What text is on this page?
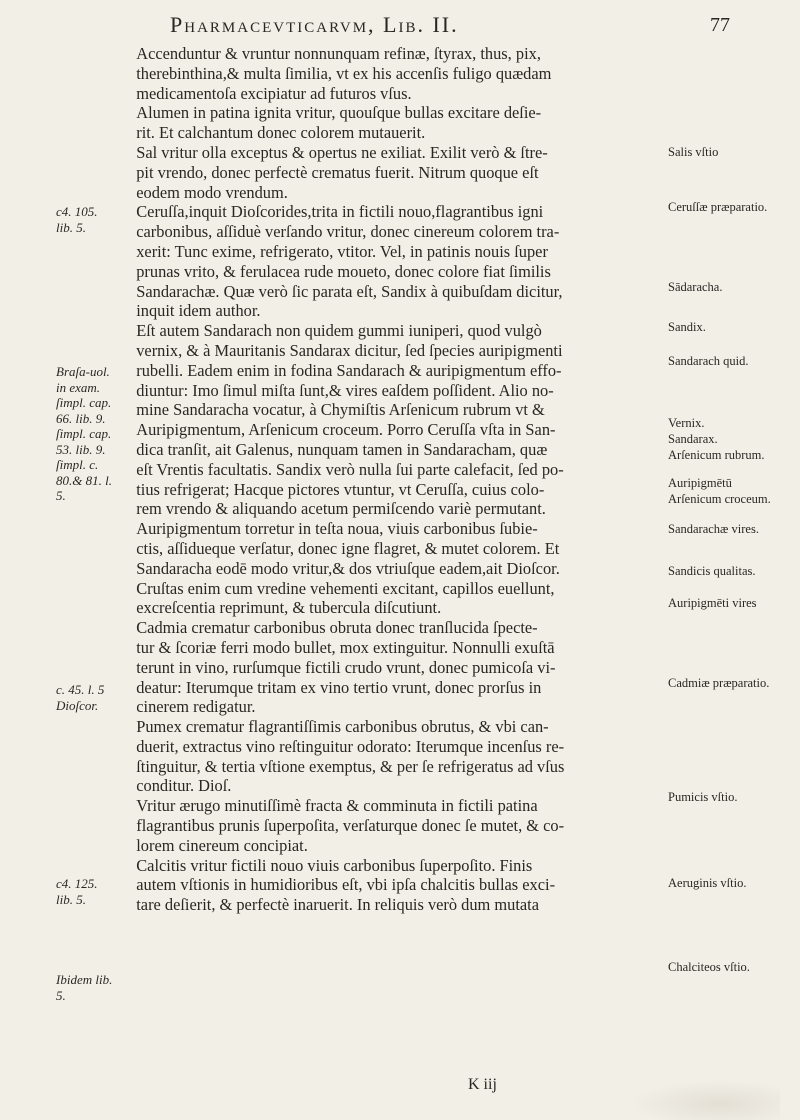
Pharmacevticarvm, Lib. II.	77

Accenduntur & vruntur nonnunquam refinæ, ſtyrax, thus, pix,
therebinthina,& multa ſimilia, vt ex his accenſis fuligo quædam
medicamentoſa excipiatur ad futuros vſus.

Alumen in patina ignita vritur, quouſque bullas excitare deſie-
rit. Et calchantum donec colorem mutauerit.

Sal vritur olla exceptus & opertus ne exiliat. Exilit verò & ſtre-
pit vrendo, donec perfectè crematus fuerit. Nitrum quoque eſt
eodem modo vrendum.

Ceruſſa,inquit Dioſcorides,trita in fictili nouo,flagrantibus igni
carbonibus, aſſiduè verſando vritur, donec cinereum colorem tra-
xerit: Tunc exime, refrigerato, vtitor. Vel, in patinis nouis ſuper
prunas vrito, & ferulacea rude moueto, donec colore fiat ſimilis
Sandarachæ. Quæ verò ſic parata eſt, Sandix à quibuſdam dicitur,
inquit idem author.

Eſt autem Sandarach non quidem gummi iuniperi, quod vulgò
vernix, & à Mauritanis Sandarax dicitur, ſed ſpecies auripigmenti
rubelli. Eadem enim in fodina Sandarach & auripigmentum effo-
diuntur: Imo ſimul miſta ſunt,& vires eaſdem poſſident. Alio no-
mine Sandaracha vocatur, à Chymiſtis Arſenicum rubrum vt &
Auripigmentum, Arſenicum croceum. Porro Ceruſſa vſta in San-
dica tranſit, ait Galenus, nunquam tamen in Sandaracham, quæ
eſt Vrentis facultatis. Sandix verò nulla ſui parte calefacit, ſed po-
tius refrigerat; Hacque pictores vtuntur, vt Ceruſſa, cuius colo-
rem vrendo & aliquando acetum permiſcendo variè permutant.

Auripigmentum torretur in teſta noua, viuis carbonibus ſubie-
ctis, aſſidueque verſatur, donec igne flagret, & mutet colorem. Et
Sandaracha eodē modo vritur,& dos vtriuſque eadem,ait Dioſcor.
Cruſtas enim cum vredine vehementi excitant, capillos euellunt,
excreſcentia reprimunt, & tubercula diſcutiunt.

Cadmia crematur carbonibus obruta donec tranſlucida ſpecte-
tur & ſcoriæ ferri modo bullet, mox extinguitur. Nonnulli exuſtā
terunt in vino, rurſumque fictili crudo vrunt, donec pumicoſa vi-
deatur: Iterumque tritam ex vino tertio vrunt, donec prorſus in
cinerem redigatur.

Pumex crematur flagrantiſſimis carbonibus obrutus, & vbi can-
duerit, extractus vino reſtinguitur odorato: Iterumque incenſus re-
ſtinguitur, & tertia vſtione exemptus, & per ſe refrigeratus ad vſus
conditur. Dioſ.

Vritur ærugo minutiſſimè fracta & comminuta in fictili patina
flagrantibus prunis ſuperpoſita, verſaturque donec ſe mutet, & co-
lorem cinereum concipiat.

Calcitis vritur fictili nouo viuis carbonibus ſuperpoſito. Finis
autem vſtionis in humidioribus eſt, vbi ipſa chalcitis bullas exci-
tare deſierit, & perfectè inaruerit. In reliquis verò dum mutata

c4. 105. lib. 5.
Braſa-uol. in exam. ſimpl. cap. 66. lib. 9. ſimpl. cap. 53. lib. 9. ſimpl. c. 80.& 81. l. 5.
c. 45. l. 5 Dioſcor.
c4. 125. lib. 5.
Ibidem lib. 5.
Salis vſtio
Ceruſſæ præparatio.
Sādaracha.
Sandix.
Sandarach quid.
Vernix.
Sandarax.
Arſenicum rubrum.
Auripigmētū
Arſenicum croceum.
Sandarachæ vires.
Sandicis qualitas.
Auripigmēti vires
Cadmiæ præparatio.
Pumicis vſtio.
Aeruginis vſtio.
Chalciteos vſtio.
K iij
